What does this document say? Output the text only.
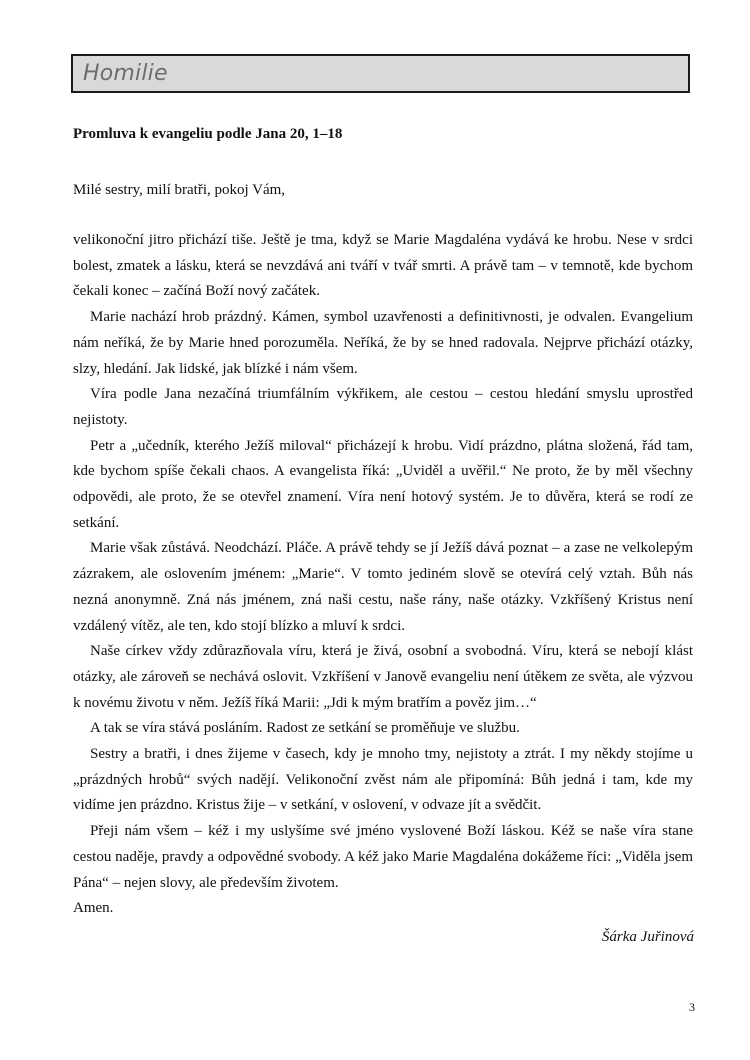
Homilie
Promluva k evangeliu podle Jana 20, 1–18
Milé sestry, milí bratři, pokoj Vám,

velikonoční jitro přichází tiše. Ještě je tma, když se Marie Magdaléna vydává ke hrobu. Nese v srdci bolest, zmatek a lásku, která se nevzdává ani tváří v tvář smrti. A právě tam – v temnotě, kde bychom čekali konec – začíná Boží nový začátek.

Marie nachází hrob prázdný. Kámen, symbol uzavřenosti a definitivnosti, je odvalen. Evangelium nám neříká, že by Marie hned porozuměla. Neříká, že by se hned radovala. Nejprve přichází otázky, slzy, hledání. Jak lidské, jak blízké i nám všem.

Víra podle Jana nezačíná triumfálním výkřikem, ale cestou – cestou hledání smyslu uprostřed nejistoty.

Petr a „učedník, kterého Ježíš miloval“ přicházejí k hrobu. Vidí prázdno, plátna složená, řád tam, kde bychom spíše čekali chaos. A evangelista říká: „Uviděl a uvěřil.“ Ne proto, že by měl všechny odpovědi, ale proto, že se otevřel znamení. Víra není hotový systém. Je to důvěra, která se rodí ze setkání.

Marie však zůstává. Neodchází. Pláče. A právě tehdy se jí Ježíš dává poznat – a zase ne velkolepým zázrakem, ale oslovením jménem: „Marie“. V tomto jediném slově se otevírá celý vztah. Bůh nás nezná anonymně. Zná nás jménem, zná naši cestu, naše rány, naše otázky. Vzkříšený Kristus není vzdálený vítěz, ale ten, kdo stojí blízko a mluví k srdci.

Naše církev vždy zdůrazňovala víru, která je živá, osobní a svobodná. Víru, která se nebojí klást otázky, ale zároveň se nechává oslovit. Vzkříšení v Janově evangeliu není útěkem ze světa, ale výzvou k novému životu v něm. Ježíš říká Marii: „Jdi k mým bratřím a pověz jim…“

A tak se víra stává posláním. Radost ze setkání se proměňuje ve službu.

Sestry a bratři, i dnes žijeme v časech, kdy je mnoho tmy, nejistoty a ztrát. I my někdy stojíme u „prázdných hrobů“ svých nadějí. Velikonoční zvěst nám ale připomíná: Bůh jedná i tam, kde my vidíme jen prázdno. Kristus žije – v setkání, v oslovení, v odvaze jít a svědčit.

Přeji nám všem – kéž i my uslyšíme své jméno vyslovené Boží láskou. Kéž se naše víra stane cestou naděje, pravdy a odpovědné svobody. A kéž jako Marie Magdaléna dokážeme říci: „Viděla jsem Pána“ – nejen slovy, ale především životem.

Amen.

Šárka Juřinová
3
